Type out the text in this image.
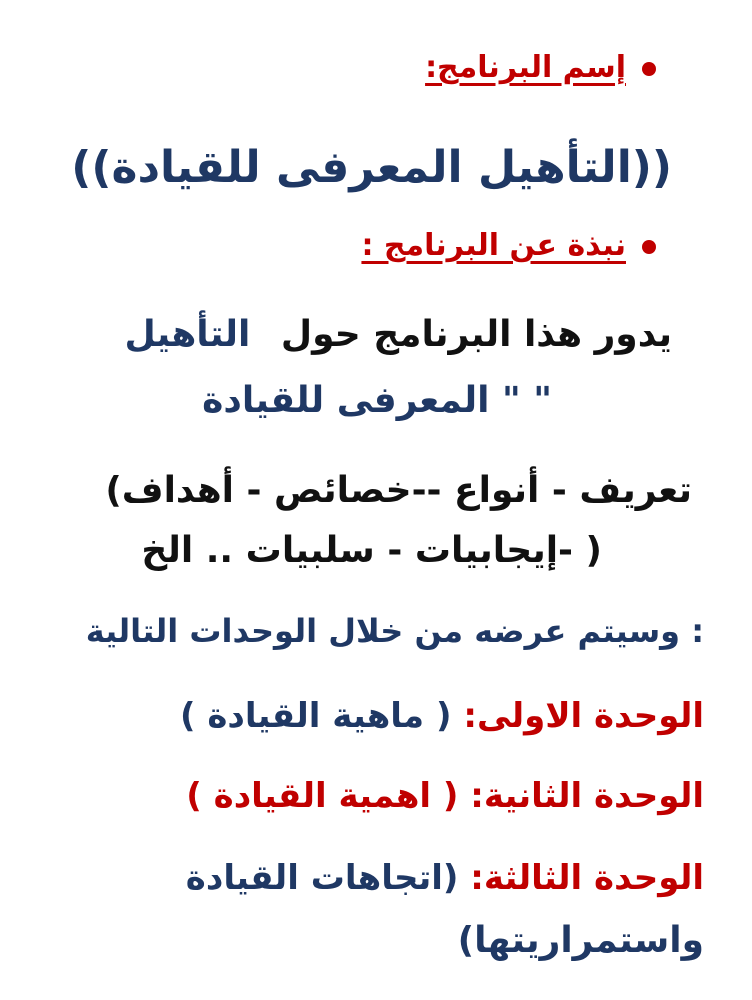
إسم البرنامج:
((التأهيل المعرفى للقيادة))
نبذة عن البرنامج :
يدور هذا البرنامج حول التأهيل
" " المعرفى للقيادة
تعريف - أنواع --خصائص - أهداف)
( -إيجابيات - سلبيات .. الخ
: وسيتم عرضه من خلال الوحدات التالية
الوحدة الاولى: ( ماهية القيادة )
الوحدة الثانية: ( اهمية القيادة )
الوحدة الثالثة: (اتجاهات القيادة
واستمراريتها)
